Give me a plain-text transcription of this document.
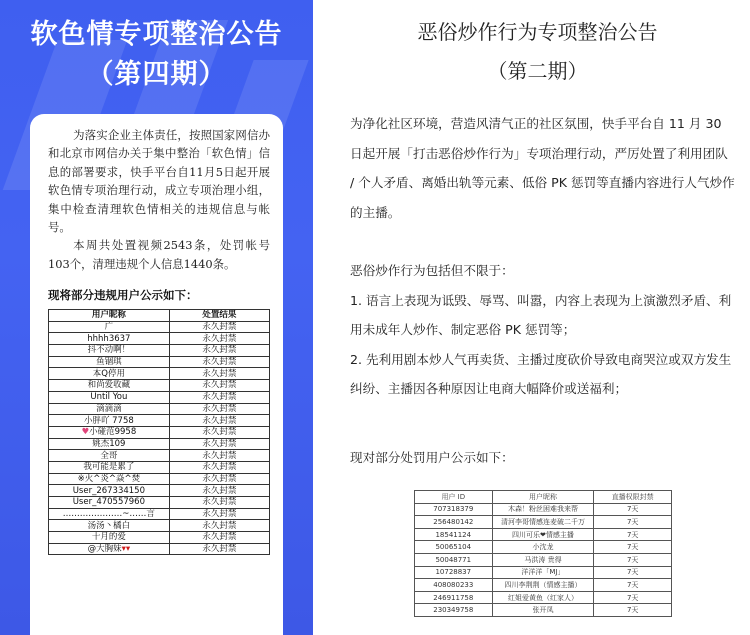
软色情专项整治公告
（第四期）

为落实企业主体责任，按照国家网信办和北京市网信办关于集中整治「软色情」信息的部署要求，快手平台自11月5日起开展软色情专项治理行动，成立专项治理小组，集中检查清理软色情相关的违规信息与帐号。

本周共处置视频2543条，处罚帐号103个，清理违规个人信息1440条。

现将部分违规用户公示如下：
用户昵称	处置结果
广	永久封禁
hhhh3637	永久封禁
抖不动啊！	永久封禁
鱼锢琪	永久封禁
本Q停用	永久封禁
和尚爱收藏	永久封禁
Until You	永久封禁
滴滴滴	永久封禁
小胖吖 7758	永久封禁
♥小碰范9958	永久封禁
姚杰109	永久封禁
全哥	永久封禁
我可能是累了	永久封禁
※火^炎^焱^焚	永久封禁
User_267334150	永久封禁
User_470557960	永久封禁
…………………~……言	永久封禁
汤汤丶橘白	永久封禁
十月的爱	永久封禁
@大胸妹▾▾	永久封禁
恶俗炒作行为专项整治公告
（第二期）
为净化社区环境，营造风清气正的社区氛围，快手平台自 11 月 30 日起开展「打击恶俗炒作行为」专项治理行动，严厉处置了利用团队 / 个人矛盾、离婚出轨等元素、低俗 PK 惩罚等直播内容进行人气炒作的主播。
恶俗炒作行为包括但不限于：
1. 语言上表现为诋毁、辱骂、叫嚣，内容上表现为上演激烈矛盾、利用未成年人炒作、制定恶俗 PK 惩罚等；
2. 先利用剧本炒人气再卖货、主播过度砍价导致电商哭泣或双方发生纠纷、主播因各种原因让电商大幅降价或送福利；
现对部分处罚用户公示如下：
用户 ID	用户昵称	直播权限封禁
707318379	木森！粉丝困难我来帮	7天
256480142	清河李哥情感连麦破二千万	7天
18541124	四川可乐❤情感主播	7天
50065104	小沈龙	7天
50048771	马洪涛 贵得	7天
10728837	洋洋洋「MJ」	7天
408080233	四川李荆荆（情感主播）	7天
246911758	红姐爱黄鱼（红家人）	7天
230349758	张开凤	7天
